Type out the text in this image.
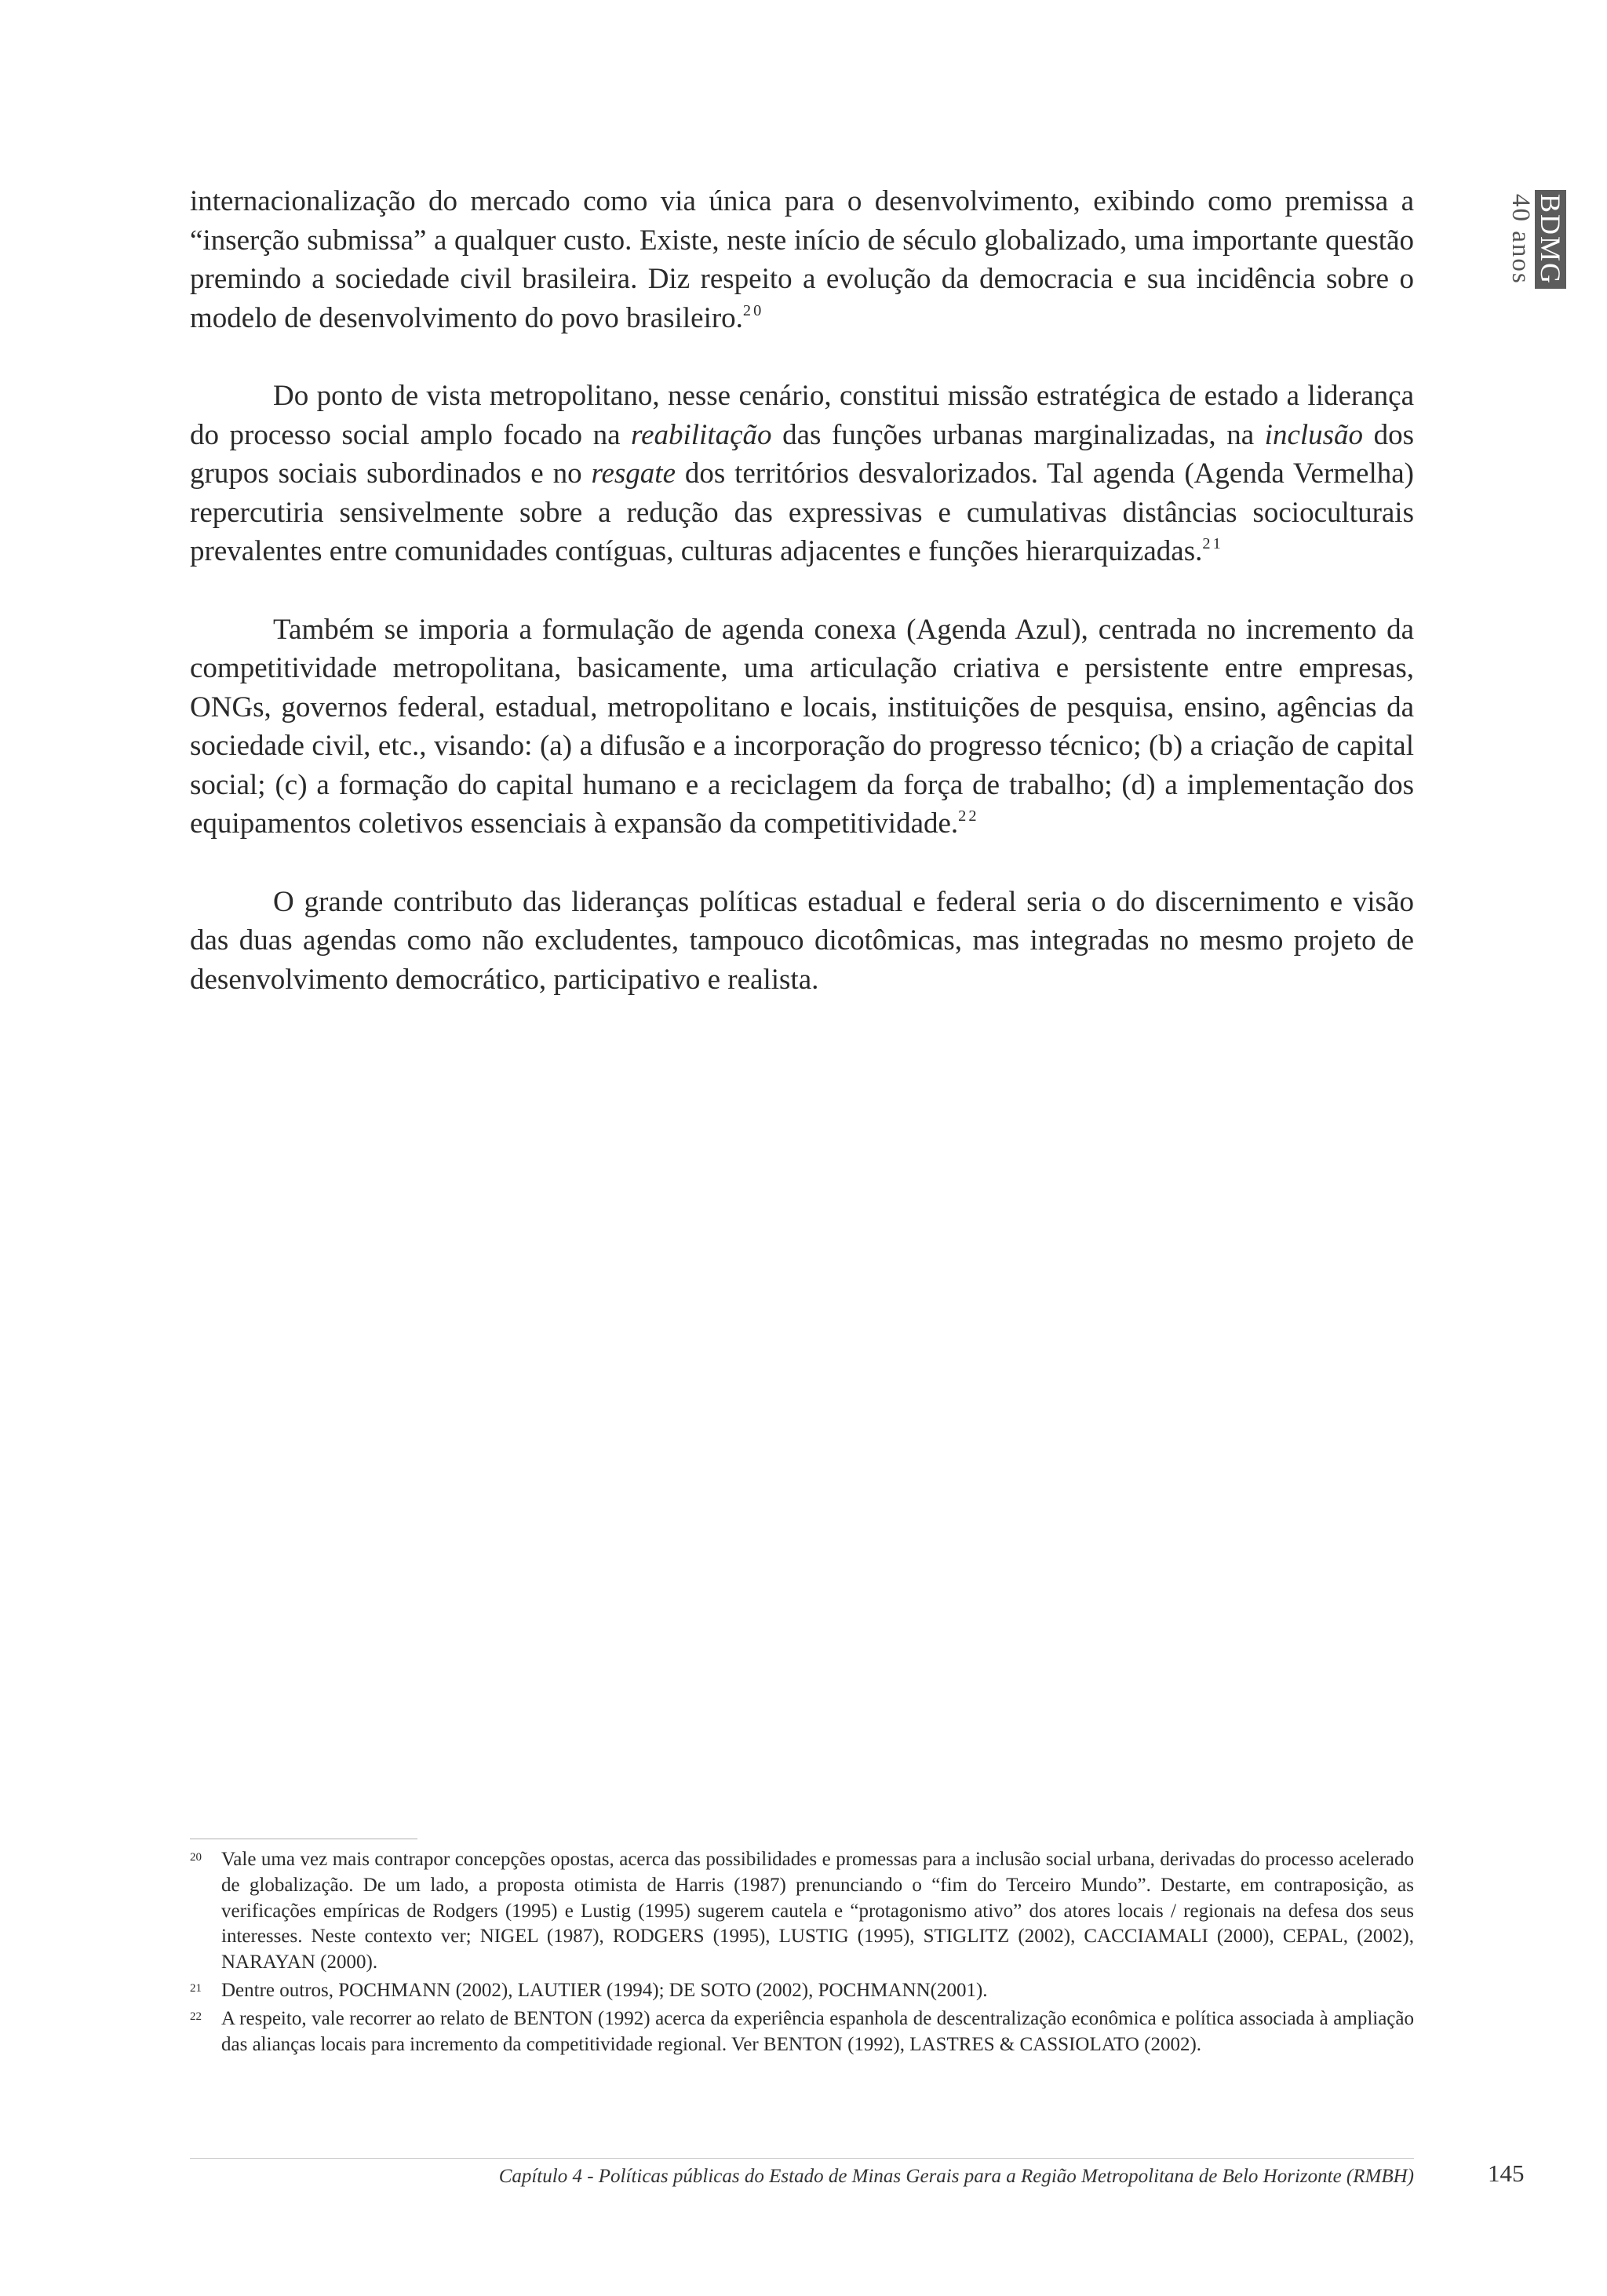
BDMG
40 anos

internacionalização do mercado como via única para o desenvolvimento, exibindo como premissa a “inserção submissa” a qualquer custo. Existe, neste início de século globalizado, uma importante questão premindo a sociedade civil brasileira. Diz respeito a evolução da democracia e sua incidência sobre o modelo de desenvolvimento do povo brasileiro.$^{20}$

Do ponto de vista metropolitano, nesse cenário, constitui missão estratégica de estado a liderança do processo social amplo focado na reabilitação das funções urbanas marginalizadas, na inclusão dos grupos sociais subordinados e no resgate dos territórios desvalorizados. Tal agenda (Agenda Vermelha) repercutiria sensivelmente sobre a redução das expressivas e cumulativas distâncias socioculturais prevalentes entre comunidades contíguas, culturas adjacentes e funções hierarquizadas.$^{21}$

Também se imporia a formulação de agenda conexa (Agenda Azul), centrada no incremento da competitividade metropolitana, basicamente, uma articulação criativa e persistente entre empresas, ONGs, governos federal, estadual, metropolitano e locais, instituições de pesquisa, ensino, agências da sociedade civil, etc., visando: (a) a difusão e a incorporação do progresso técnico; (b) a criação de capital social; (c) a formação do capital humano e a reciclagem da força de trabalho; (d) a implementação dos equipamentos coletivos essenciais à expansão da competitividade.$^{22}$

O grande contributo das lideranças políticas estadual e federal seria o do discernimento e visão das duas agendas como não excludentes, tampouco dicotômicas, mas integradas no mesmo projeto de desenvolvimento democrático, participativo e realista.

20 Vale uma vez mais contrapor concepções opostas, acerca das possibilidades e promessas para a inclusão social urbana, derivadas do processo acelerado de globalização. De um lado, a proposta otimista de Harris (1987) prenunciando o “fim do Terceiro Mundo”. Destarte, em contraposição, as verificações empíricas de Rodgers (1995) e Lustig (1995) sugerem cautela e “protagonismo ativo” dos atores locais / regionais na defesa dos seus interesses. Neste contexto ver; NIGEL (1987), RODGERS (1995), LUSTIG (1995), STIGLITZ (2002), CACCIAMALI (2000), CEPAL, (2002), NARAYAN (2000).
21 Dentre outros, POCHMANN (2002), LAUTIER (1994); DE SOTO (2002), POCHMANN(2001).
22 A respeito, vale recorrer ao relato de BENTON (1992) acerca da experiência espanhola de descentralização econômica e política associada à ampliação das alianças locais para incremento da competitividade regional. Ver BENTON (1992), LASTRES & CASSIOLATO (2002).
Capítulo 4 - Políticas públicas do Estado de Minas Gerais para a Região Metropolitana de Belo Horizonte (RMBH)	145
